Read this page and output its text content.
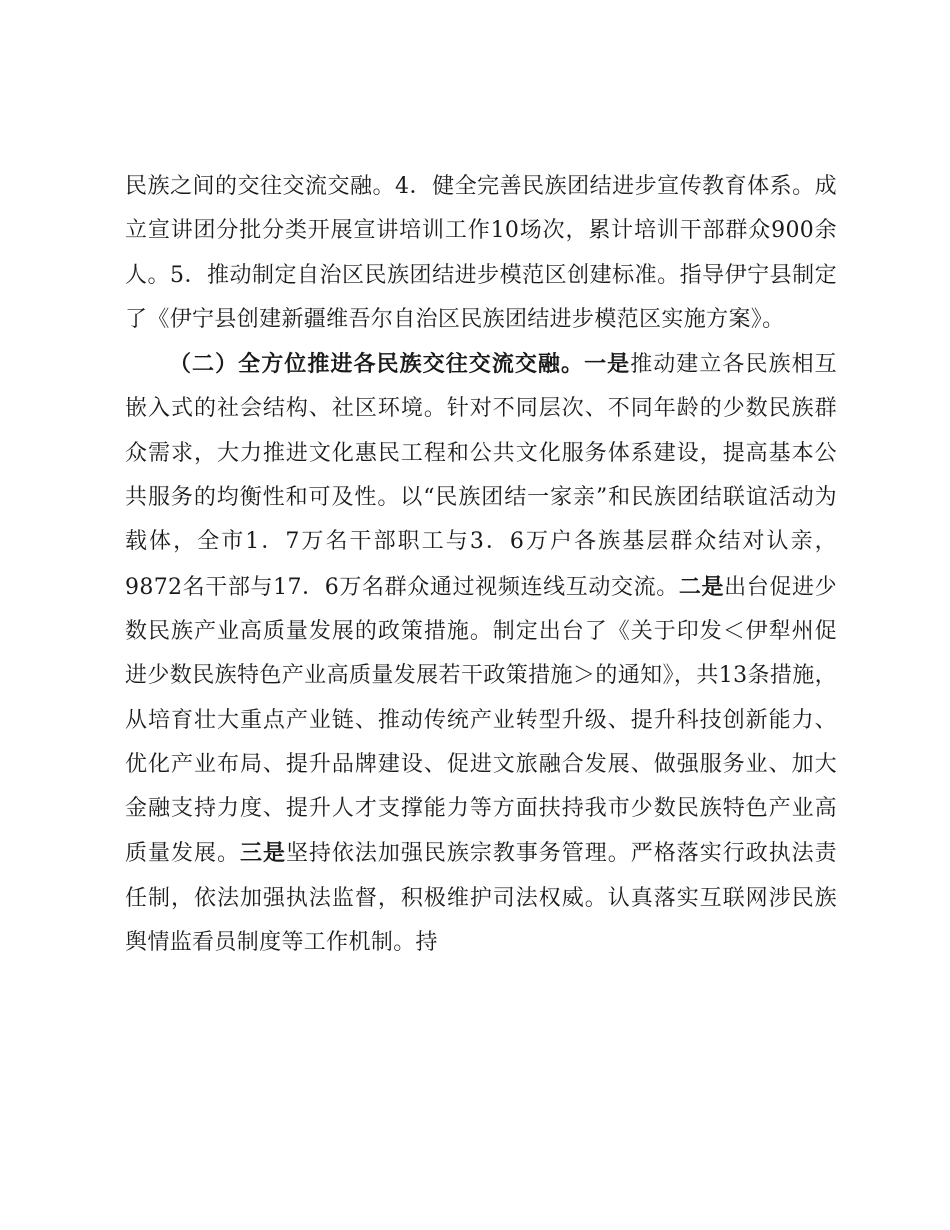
民族之间的交往交流交融。4．健全完善民族团结进步宣传教育体系。成立宣讲团分批分类开展宣讲培训工作10场次，累计培训干部群众900余人。5．推动制定自治区民族团结进步模范区创建标准。指导伊宁县制定了《伊宁县创建新疆维吾尔自治区民族团结进步模范区实施方案》。

（二）全方位推进各民族交往交流交融。一是推动建立各民族相互嵌入式的社会结构、社区环境。针对不同层次、不同年龄的少数民族群众需求，大力推进文化惠民工程和公共文化服务体系建设，提高基本公共服务的均衡性和可及性。以“民族团结一家亲”和民族团结联谊活动为载体，全市1．7万名干部职工与3．6万户各族基层群众结对认亲，9872名干部与17．6万名群众通过视频连线互动交流。二是出台促进少数民族产业高质量发展的政策措施。制定出台了《关于印发＜伊犁州促进少数民族特色产业高质量发展若干政策措施＞的通知》，共13条措施，从培育壮大重点产业链、推动传统产业转型升级、提升科技创新能力、优化产业布局、提升品牌建设、促进文旅融合发展、做强服务业、加大金融支持力度、提升人才支撑能力等方面扶持我市少数民族特色产业高质量发展。三是坚持依法加强民族宗教事务管理。严格落实行政执法责任制，依法加强执法监督，积极维护司法权威。认真落实互联网涉民族舆情监看员制度等工作机制。持
